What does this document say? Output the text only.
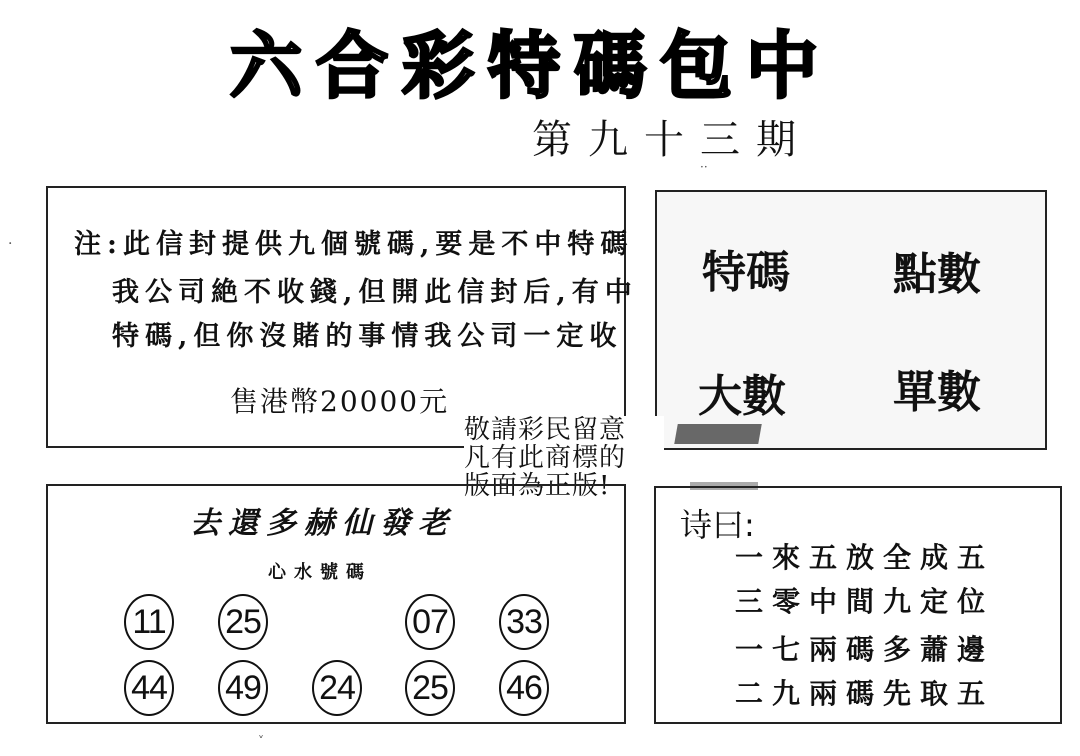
六合彩特碼包中
第九十三期
··
· 注:此信封提供九個號碼,要是不中特碼
我公司絶不收錢,但開此信封后,有中
特碼,但你沒賭的事情我公司一定收
售港幣20000元
特碼 點數
大數 單數
敬請彩民留意
凡有此商標的
版面為正版!
去還多赫仙發老
心水號碼
11 25	07 33
44 49 24 25 46
诗曰:
一來五放全成五
三零中間九定位
一七兩碼多蕭邊
二九兩碼先取五
˅
